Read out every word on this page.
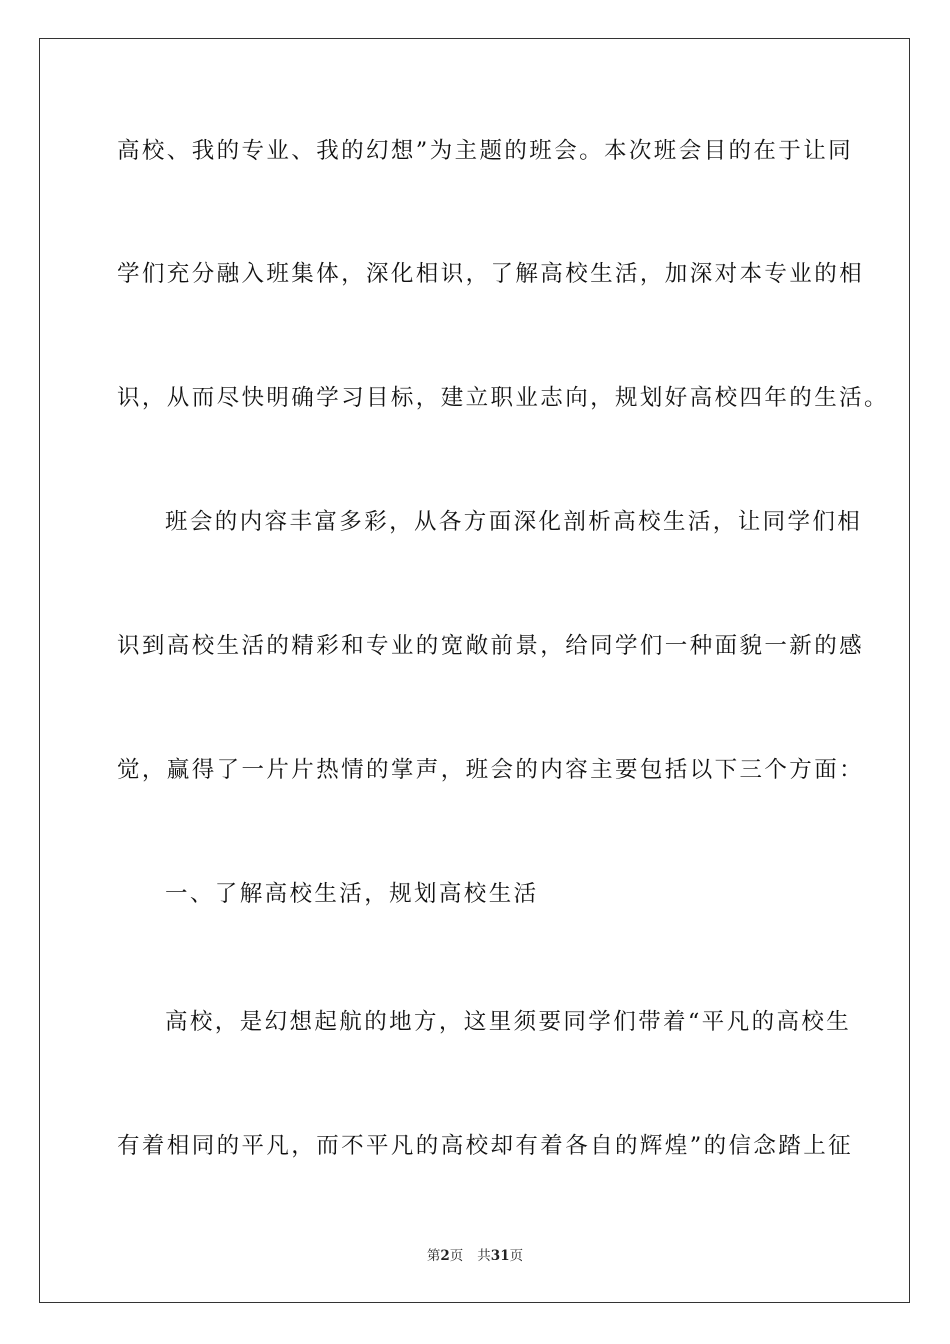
高校、我的专业、我的幻想”为主题的班会。本次班会目的在于让同
学们充分融入班集体，深化相识，了解高校生活，加深对本专业的相
识，从而尽快明确学习目标，建立职业志向，规划好高校四年的生活。
班会的内容丰富多彩，从各方面深化剖析高校生活，让同学们相
识到高校生活的精彩和专业的宽敞前景，给同学们一种面貌一新的感
觉，赢得了一片片热情的掌声，班会的内容主要包括以下三个方面：
一、了解高校生活，规划高校生活
高校，是幻想起航的地方，这里须要同学们带着“平凡的高校生
有着相同的平凡，而不平凡的高校却有着各自的辉煌”的信念踏上征
第2页 共31页
